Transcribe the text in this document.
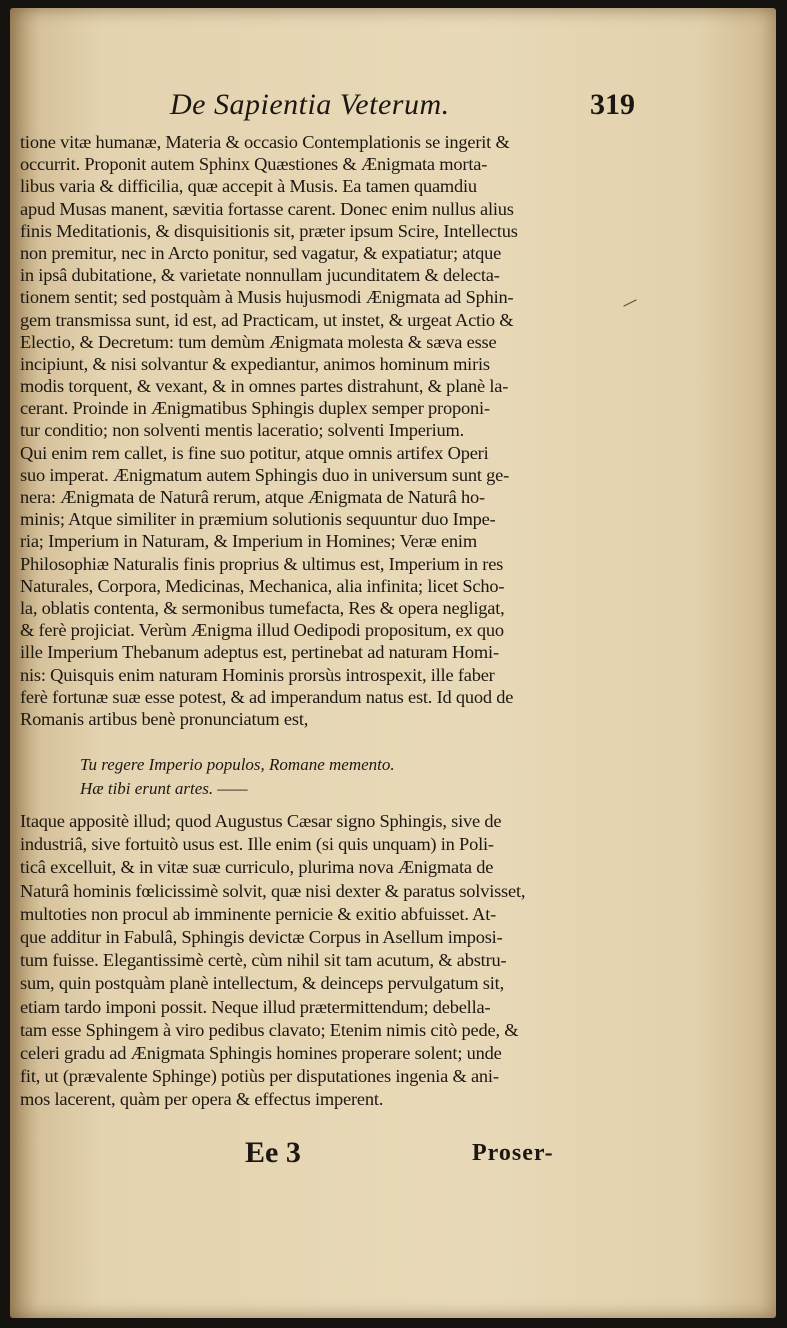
De Sapientia Veterum.	319
tione vitæ humanæ, Materia & occasio Contemplationis se ingerit &
occurrit. Proponit autem Sphinx Quæstiones & Ænigmata morta-
libus varia & difficilia, quæ accepit à Musis. Ea tamen quamdiu
apud Musas manent, sævitia fortasse carent. Donec enim nullus alius
finis Meditationis, & disquisitionis sit, præter ipsum Scire, Intellectus
non premitur, nec in Arcto ponitur, sed vagatur, & expatiatur; atque
in ipsâ dubitatione, & varietate nonnullam jucunditatem & delecta-
tionem sentit; sed postquàm à Musis hujusmodi Ænigmata ad Sphin-
gem transmissa sunt, id est, ad Practicam, ut instet, & urgeat Actio &
Electio, & Decretum: tum demùm Ænigmata molesta & sæva esse
incipiunt, & nisi solvantur & expediantur, animos hominum miris
modis torquent, & vexant, & in omnes partes distrahunt, & planè la-
cerant. Proinde in Ænigmatibus Sphingis duplex semper proponi-
tur conditio; non solventi mentis laceratio; solventi Imperium.
Qui enim rem callet, is fine suo potitur, atque omnis artifex Operi
suo imperat. Ænigmatum autem Sphingis duo in universum sunt ge-
nera: Ænigmata de Naturâ rerum, atque Ænigmata de Naturâ ho-
minis; Atque similiter in præmium solutionis sequuntur duo Impe-
ria; Imperium in Naturam, & Imperium in Homines; Veræ enim
Philosophiæ Naturalis finis proprius & ultimus est, Imperium in res
Naturales, Corpora, Medicinas, Mechanica, alia infinita; licet Scho-
la, oblatis contenta, & sermonibus tumefacta, Res & opera negligat,
& ferè projiciat. Verùm Ænigma illud Oedipodi propositum, ex quo
ille Imperium Thebanum adeptus est, pertinebat ad naturam Homi-
nis: Quisquis enim naturam Hominis prorsùs introspexit, ille faber
ferè fortunæ suæ esse potest, & ad imperandum natus est. Id quod de
Romanis artibus benè pronunciatum est,
Tu regere Imperio populos, Romane memento.
Hæ tibi erunt artes. ——
Itaque appositè illud; quod Augustus Cæsar signo Sphingis, sive de
industriâ, sive fortuitò usus est. Ille enim (si quis unquam) in Poli-
ticâ excelluit, & in vitæ suæ curriculo, plurima nova Ænigmata de
Naturâ hominis fœlicissimè solvit, quæ nisi dexter & paratus solvisset,
multoties non procul ab imminente pernicie & exitio abfuisset. At-
que additur in Fabulâ, Sphingis devictæ Corpus in Asellum imposi-
tum fuisse. Elegantissimè certè, cùm nihil sit tam acutum, & abstru-
sum, quin postquàm planè intellectum, & deinceps pervulgatum sit,
etiam tardo imponi possit. Neque illud prætermittendum; debella-
tam esse Sphingem à viro pedibus clavato; Etenim nimis citò pede, &
celeri gradu ad Ænigmata Sphingis homines properare solent; unde
fit, ut (prævalente Sphinge) potiùs per disputationes ingenia & ani-
mos lacerent, quàm per opera & effectus imperent.
Ee 3	Proser-
